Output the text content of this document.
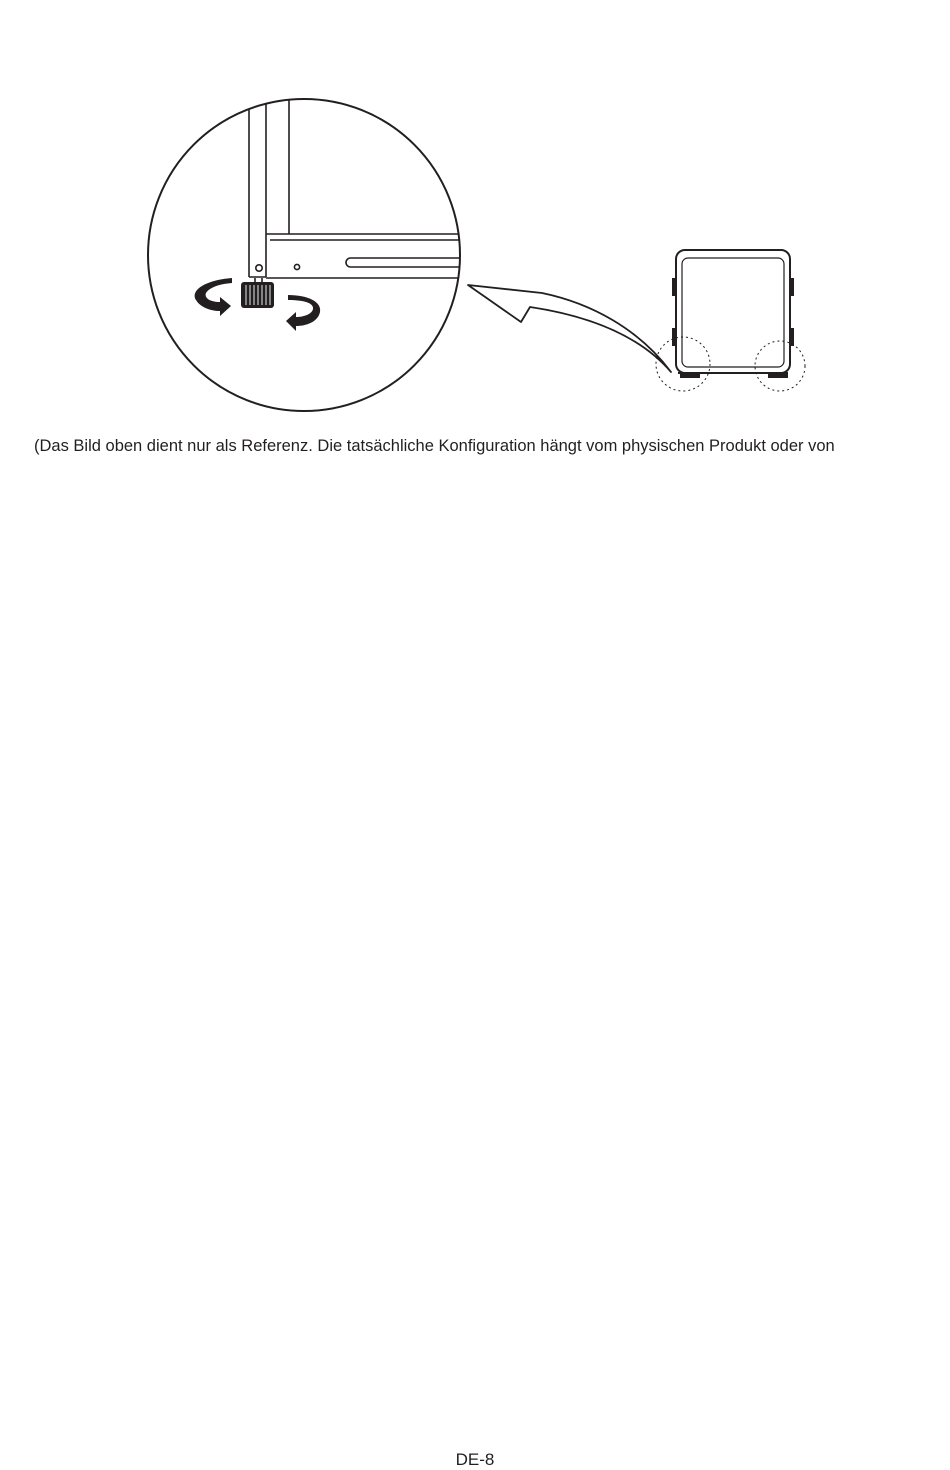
(Das Bild oben dient nur als Referenz. Die tatsächliche Konfiguration hängt vom physischen Produkt oder von
DE-8
